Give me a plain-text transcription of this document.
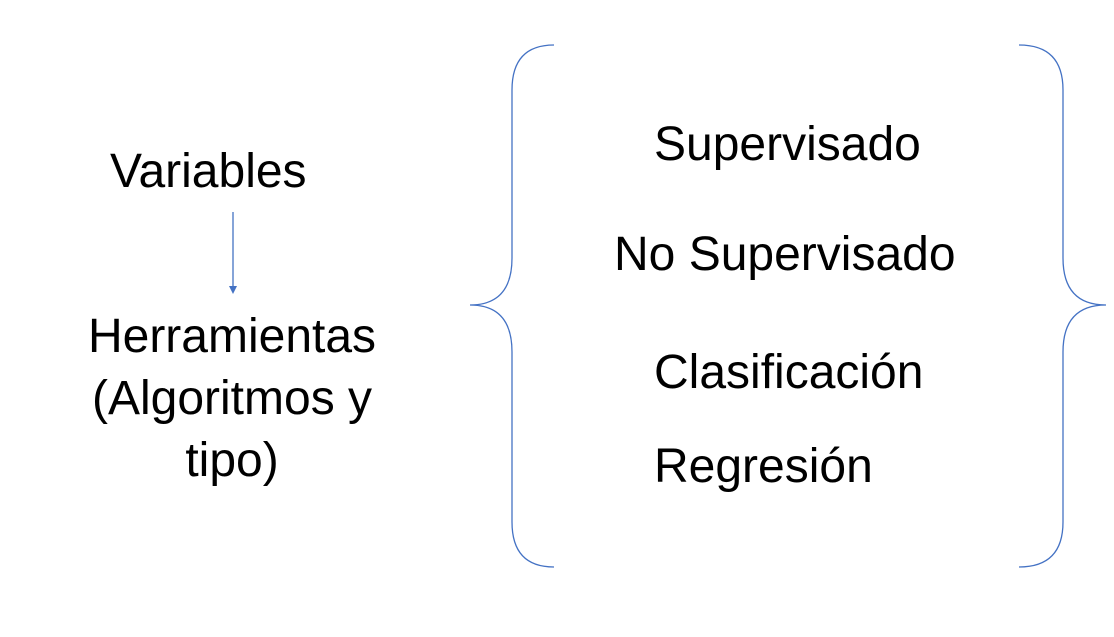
Variables
Herramientas
(Algoritmos y
tipo)
Supervisado
No Supervisado
Clasificación
Regresión
